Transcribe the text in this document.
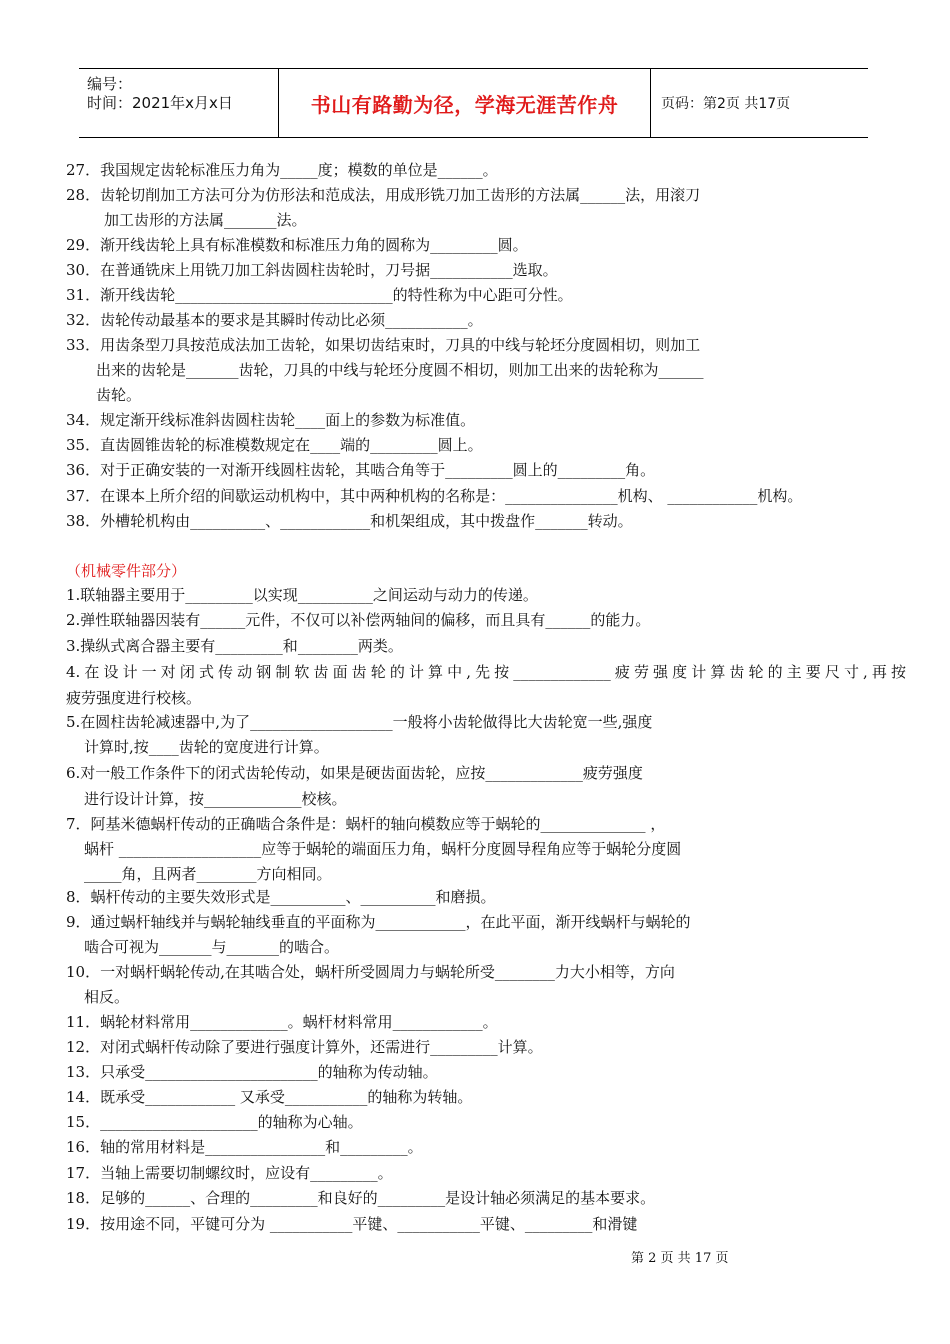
编号：
时间：2021年x月x日	书山有路勤为径，学海无涯苦作舟	页码：第2页 共17页
27．我国规定齿轮标准压力角为_____度；模数的单位是______。
28．齿轮切削加工方法可分为仿形法和范成法，用成形铣刀加工齿形的方法属______法，用滚刀
加工齿形的方法属_______法。
29．渐开线齿轮上具有标准模数和标准压力角的圆称为_________圆。
30．在普通铣床上用铣刀加工斜齿圆柱齿轮时，刀号据___________选取。
31．渐开线齿轮_____________________________的特性称为中心距可分性。
32．齿轮传动最基本的要求是其瞬时传动比必须___________。
33．用齿条型刀具按范成法加工齿轮，如果切齿结束时，刀具的中线与轮坯分度圆相切，则加工
出来的齿轮是_______齿轮，刀具的中线与轮坯分度圆不相切，则加工出来的齿轮称为______
齿轮。
34．规定渐开线标准斜齿圆柱齿轮____面上的参数为标准值。
35．直齿圆锥齿轮的标准模数规定在____端的_________圆上。
36．对于正确安装的一对渐开线圆柱齿轮，其啮合角等于_________圆上的_________角。
37．在课本上所介绍的间歇运动机构中，其中两种机构的名称是：_______________机构、 ____________机构。
38．外槽轮机构由__________、____________和机架组成，其中拨盘作_______转动。
（机械零件部分）
1.联轴器主要用于_________以实现__________之间运动与动力的传递。
2.弹性联轴器因装有______元件，不仅可以补偿两轴间的偏移，而且具有______的能力。
3.操纵式离合器主要有_________和________两类。
4.在设计一对闭式传动钢制软齿面齿轮的计算中,先按_____________疲劳强度计算齿轮的主要尺寸,再按
疲劳强度进行校核。
5.在圆柱齿轮减速器中,为了___________________一般将小齿轮做得比大齿轮宽一些,强度
计算时,按____齿轮的宽度进行计算。
6.对一般工作条件下的闭式齿轮传动，如果是硬齿面齿轮，应按_____________疲劳强度
进行设计计算，按_____________校核。
7．阿基米德蜗杆传动的正确啮合条件是：蜗杆的轴向模数应等于蜗轮的______________ ，
蜗杆 ___________________应等于蜗轮的端面压力角，蜗杆分度圆导程角应等于蜗轮分度圆
_____角，且两者________方向相同。
8．蜗杆传动的主要失效形式是__________、__________和磨损。
9．通过蜗杆轴线并与蜗轮轴线垂直的平面称为____________，在此平面，渐开线蜗杆与蜗轮的
啮合可视为_______与_______的啮合。
10．一对蜗杆蜗轮传动,在其啮合处，蜗杆所受圆周力与蜗轮所受________力大小相等，方向
相反。
11．蜗轮材料常用_____________。蜗杆材料常用____________。
12．对闭式蜗杆传动除了要进行强度计算外，还需进行_________计算。
13．只承受_______________________的轴称为传动轴。
14．既承受____________ 又承受___________的轴称为转轴。
15．_____________________的轴称为心轴。
16．轴的常用材料是________________和_________。
17．当轴上需要切制螺纹时，应设有_________。
18．足够的______、合理的_________和良好的_________是设计轴必须满足的基本要求。
19．按用途不同，平键可分为 ___________平键、___________平键、_________和滑键
第 2 页 共 17 页
